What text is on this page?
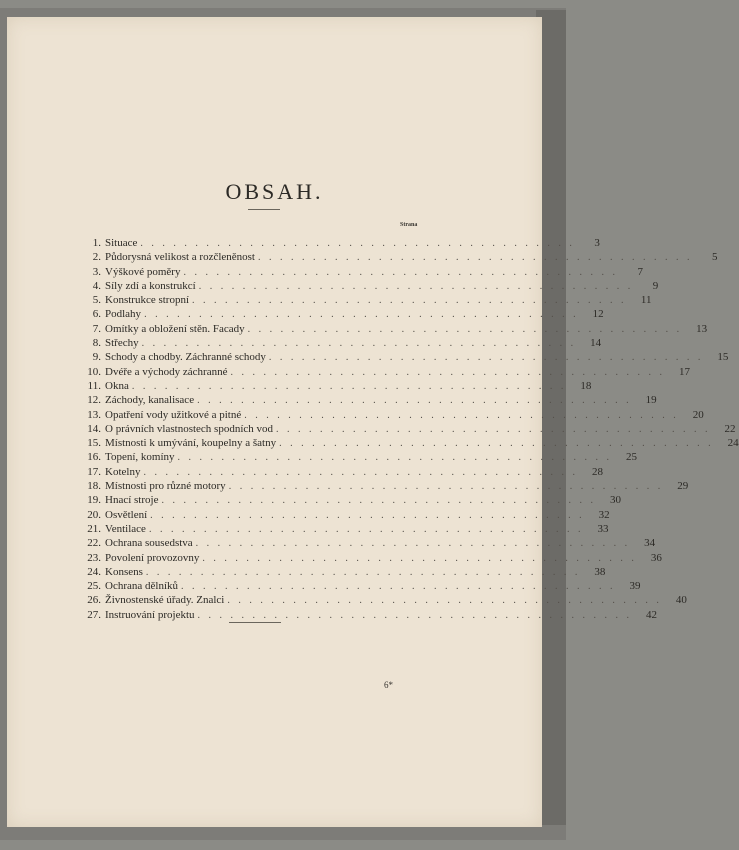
OBSAH.
Strana
1. Situace . . . . . . . . . . . . . . . . . . . . . . . . . . . . . . . . . . . . . . . .	3
2. Půdorysná velikost a rozčleněnost . . . . . . . . . . . . . . . . . . . . . . . . . . . . . . . . . . . . . . . .	5
3. Výškové poměry . . . . . . . . . . . . . . . . . . . . . . . . . . . . . . . . . . . . . . . .	7
4. Síly zdí a konstrukcí . . . . . . . . . . . . . . . . . . . . . . . . . . . . . . . . . . . . . . . .	9
5. Konstrukce stropní . . . . . . . . . . . . . . . . . . . . . . . . . . . . . . . . . . . . . . . .	11
6. Podlahy . . . . . . . . . . . . . . . . . . . . . . . . . . . . . . . . . . . . . . . .	12
7. Omítky a obložení stěn. Facady . . . . . . . . . . . . . . . . . . . . . . . . . . . . . . . . . . . . . . . .	13
8. Střechy . . . . . . . . . . . . . . . . . . . . . . . . . . . . . . . . . . . . . . . .	14
9. Schody a chodby. Záchranné schody . . . . . . . . . . . . . . . . . . . . . . . . . . . . . . . . . . . . . . . .	15
10. Dvéře a východy záchranné . . . . . . . . . . . . . . . . . . . . . . . . . . . . . . . . . . . . . . . .	17
11. Okna . . . . . . . . . . . . . . . . . . . . . . . . . . . . . . . . . . . . . . . .	18
12. Záchody, kanalisace . . . . . . . . . . . . . . . . . . . . . . . . . . . . . . . . . . . . . . . .	19
13. Opatření vody užitkové a pitné . . . . . . . . . . . . . . . . . . . . . . . . . . . . . . . . . . . . . . . .	20
14. O právních vlastnostech spodních vod . . . . . . . . . . . . . . . . . . . . . . . . . . . . . . . . . . . . . . . .	22
15. Místnosti k umývání, koupelny a šatny . . . . . . . . . . . . . . . . . . . . . . . . . . . . . . . . . . . . . . . .	24
16. Topení, komíny . . . . . . . . . . . . . . . . . . . . . . . . . . . . . . . . . . . . . . . .	25
17. Kotelny . . . . . . . . . . . . . . . . . . . . . . . . . . . . . . . . . . . . . . . .	28
18. Místnosti pro různé motory . . . . . . . . . . . . . . . . . . . . . . . . . . . . . . . . . . . . . . . .	29
19. Hnací stroje . . . . . . . . . . . . . . . . . . . . . . . . . . . . . . . . . . . . . . . .	30
20. Osvětlení . . . . . . . . . . . . . . . . . . . . . . . . . . . . . . . . . . . . . . . .	32
21. Ventilace . . . . . . . . . . . . . . . . . . . . . . . . . . . . . . . . . . . . . . . .	33
22. Ochrana sousedstva . . . . . . . . . . . . . . . . . . . . . . . . . . . . . . . . . . . . . . . .	34
23. Povolení provozovny . . . . . . . . . . . . . . . . . . . . . . . . . . . . . . . . . . . . . . . .	36
24. Konsens . . . . . . . . . . . . . . . . . . . . . . . . . . . . . . . . . . . . . . . .	38
25. Ochrana dělníků . . . . . . . . . . . . . . . . . . . . . . . . . . . . . . . . . . . . . . . .	39
26. Živnostenské úřady. Znalci . . . . . . . . . . . . . . . . . . . . . . . . . . . . . . . . . . . . . . . .	40
27. Instruování projektu . . . . . . . . . . . . . . . . . . . . . . . . . . . . . . . . . . . . . . . .	42
6*
